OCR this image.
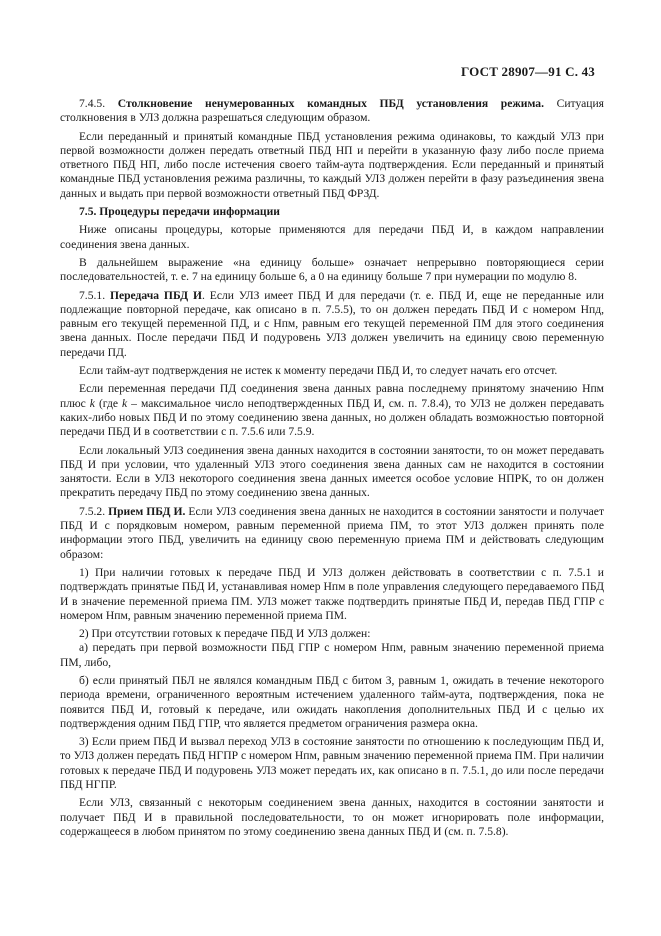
ГОСТ 28907—91 С. 43

7.4.5. Столкновение ненумерованных командных ПБД установления режима. Ситуация столкновения в УЛЗ должна разрешаться следующим образом.

Если переданный и принятый командные ПБД установления режима одинаковы, то каждый УЛЗ при первой возможности должен передать ответный ПБД НП и перейти в указанную фазу либо после приема ответного ПБД НП, либо после истечения своего тайм-аута подтверждения. Если переданный и принятый командные ПБД установления режима различны, то каждый УЛЗ должен перейти в фазу разъединения звена данных и выдать при первой возможности ответный ПБД ФРЗД.

7.5. Процедуры передачи информации

Ниже описаны процедуры, которые применяются для передачи ПБД И, в каждом направлении соединения звена данных.

В дальнейшем выражение «на единицу больше» означает непрерывно повторяющиеся серии последовательностей, т. е. 7 на единицу больше 6, а 0 на единицу больше 7 при нумерации по модулю 8.

7.5.1. Передача ПБД И. Если УЛЗ имеет ПБД И для передачи (т. е. ПБД И, еще не переданные или подлежащие повторной передаче, как описано в п. 7.5.5), то он должен передать ПБД И с номером Нпд, равным его текущей переменной ПД, и с Нпм, равным его текущей переменной ПМ для этого соединения звена данных. После передачи ПБД И подуровень УЛЗ должен увеличить на единицу свою переменную передачи ПД.

Если тайм-аут подтверждения не истек к моменту передачи ПБД И, то следует начать его отсчет.

Если переменная передачи ПД соединения звена данных равна последнему принятому значению Нпм плюс k (где k – максимальное число неподтвержденных ПБД И, см. п. 7.8.4), то УЛЗ не должен передавать каких-либо новых ПБД И по этому соединению звена данных, но должен обладать возможностью повторной передачи ПБД И в соответствии с п. 7.5.6 или 7.5.9.

Если локальный УЛЗ соединения звена данных находится в состоянии занятости, то он может передавать ПБД И при условии, что удаленный УЛЗ этого соединения звена данных сам не находится в состоянии занятости. Если в УЛЗ некоторого соединения звена данных имеется особое условие НПРК, то он должен прекратить передачу ПБД по этому соединению звена данных.

7.5.2. Прием ПБД И. Если УЛЗ соединения звена данных не находится в состоянии занятости и получает ПБД И с порядковым номером, равным переменной приема ПМ, то этот УЛЗ должен принять поле информации этого ПБД, увеличить на единицу свою переменную приема ПМ и действовать следующим образом:

1) При наличии готовых к передаче ПБД И УЛЗ должен действовать в соответствии с п. 7.5.1 и подтверждать принятые ПБД И, устанавливая номер Нпм в поле управления следующего передаваемого ПБД И в значение переменной приема ПМ. УЛЗ может также подтвердить принятые ПБД И, передав ПБД ГПР с номером Нпм, равным значению переменной приема ПМ.

2) При отсутствии готовых к передаче ПБД И УЛЗ должен:

а) передать при первой возможности ПБД ГПР с номером Нпм, равным значению переменной приема ПМ, либо,

б) если принятый ПБЛ не являлся командным ПБД с битом З, равным 1, ожидать в течение некоторого периода времени, ограниченного вероятным истечением удаленного тайм-аута, подтверждения, пока не появится ПБД И, готовый к передаче, или ожидать накопления дополнительных ПБД И с целью их подтверждения одним ПБД ГПР, что является предметом ограничения размера окна.

3) Если прием ПБД И вызвал переход УЛЗ в состояние занятости по отношению к последующим ПБД И, то УЛЗ должен передать ПБД НГПР с номером Нпм, равным значению переменной приема ПМ. При наличии готовых к передаче ПБД И подуровень УЛЗ может передать их, как описано в п. 7.5.1, до или после передачи ПБД НГПР.

Если УЛЗ, связанный с некоторым соединением звена данных, находится в состоянии занятости и получает ПБД И в правильной последовательности, то он может игнорировать поле информации, содержащееся в любом принятом по этому соединению звена данных ПБД И (см. п. 7.5.8).
